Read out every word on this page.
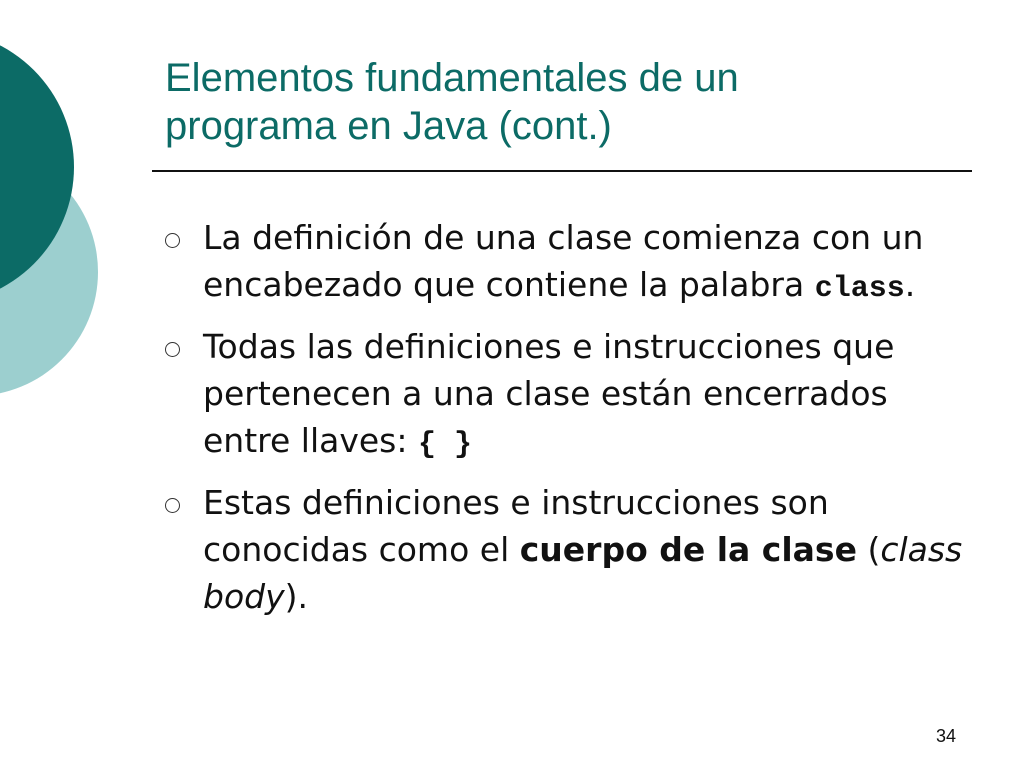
Elementos fundamentales de un
programa en Java (cont.)
La definición de una clase comienza con un encabezado que contiene la palabra class.
Todas las definiciones e instrucciones que pertenecen a una clase están encerrados entre llaves: { }
Estas definiciones e instrucciones son conocidas como el cuerpo de la clase (class body).
34
